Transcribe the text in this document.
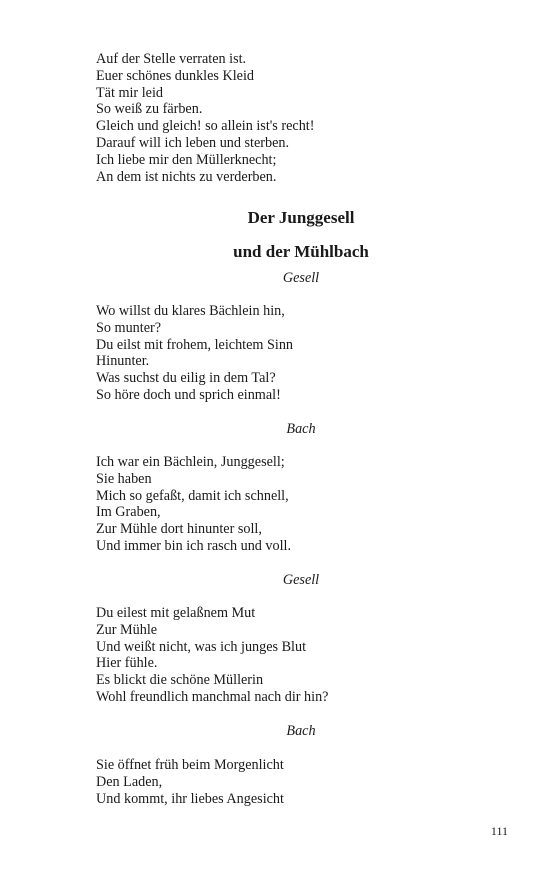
Auf der Stelle verraten ist.
Euer schönes dunkles Kleid
Tät mir leid
So weiß zu färben.
Gleich und gleich! so allein ist's recht!
Darauf will ich leben und sterben.
Ich liebe mir den Müllerknecht;
An dem ist nichts zu verderben.
Der Junggesell
und der Mühlbach
Gesell
Wo willst du klares Bächlein hin,
So munter?
Du eilst mit frohem, leichtem Sinn
Hinunter.
Was suchst du eilig in dem Tal?
So höre doch und sprich einmal!
Bach
Ich war ein Bächlein, Junggesell;
Sie haben
Mich so gefaßt, damit ich schnell,
Im Graben,
Zur Mühle dort hinunter soll,
Und immer bin ich rasch und voll.
Gesell
Du eilest mit gelaßnem Mut
Zur Mühle
Und weißt nicht, was ich junges Blut
Hier fühle.
Es blickt die schöne Müllerin
Wohl freundlich manchmal nach dir hin?
Bach
Sie öffnet früh beim Morgenlicht
Den Laden,
Und kommt, ihr liebes Angesicht
111
